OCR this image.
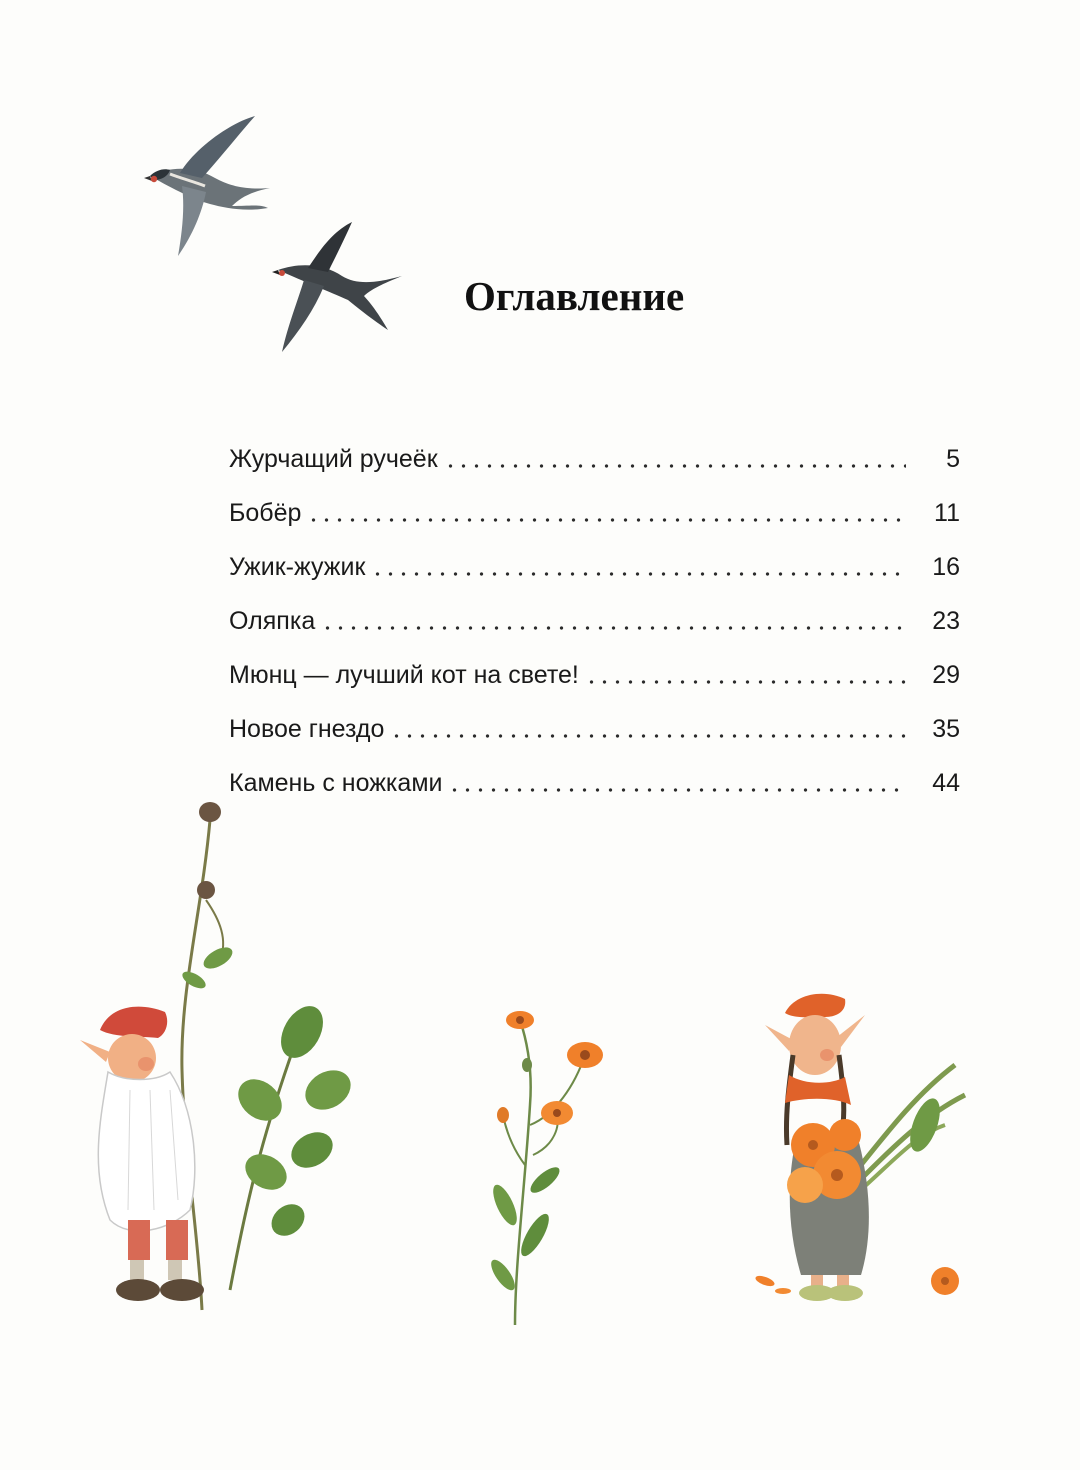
Оглавление
Журчащий ручеёк	5
Бобёр	11
Ужик-жужик	16
Оляпка	23
Мюнц — лучший кот на свете!	29
Новое гнездо	35
Камень с ножками	44
